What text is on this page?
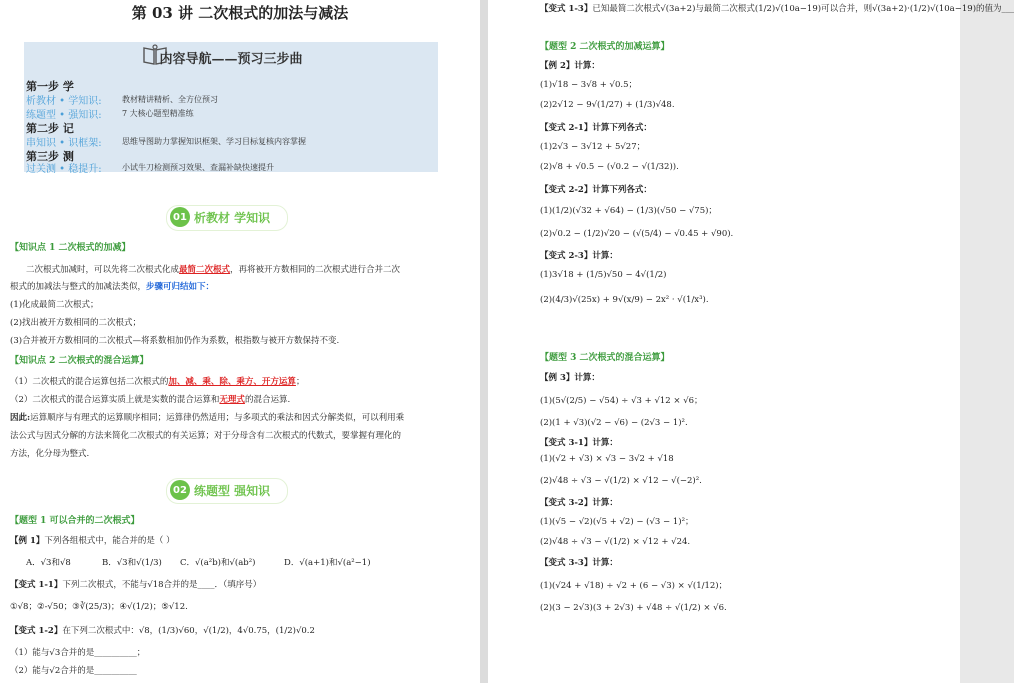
第 03 讲 二次根式的加法与减法
内容导航——预习三步曲
第一步 学
析教材 • 学知识:	教材精讲精析、全方位预习
练题型 • 强知识:	7 大核心题型精准练
第二步 记
串知识 • 识框架:	思维导图助力掌握知识框架、学习目标复核内容掌握
第三步 测
过关测 • 稳提升:	小试牛刀检测预习效果、查漏补缺快速提升
01 析教材 学知识
【知识点 1 二次根式的加减】
二次根式加减时，可以先将二次根式化成最简二次根式，再将被开方数相同的二次根式进行合并二次
根式的加减法与整式的加减法类似，步骤可归结如下：
(1)化成最简二次根式；
(2)找出被开方数相同的二次根式；
(3)合并被开方数相同的二次根式—将系数相加仍作为系数，根指数与被开方数保持不变.
【知识点 2 二次根式的混合运算】
（1）二次根式的混合运算包括二次根式的加、减、乘、除、乘方、开方运算；
（2）二次根式的混合运算实质上就是实数的混合运算和无理式的混合运算.
因此:运算顺序与有理式的运算顺序相同；运算律仍然适用；与多项式的乘法和因式分解类似，可以利用乘
法公式与因式分解的方法来简化二次根式的有关运算；对于分母含有二次根式的代数式，要掌握有理化的
方法，化分母为整式.
02 练题型 强知识
【题型 1 可以合并的二次根式】
【例 1】下列各组根式中，能合并的是（ ）
A．√3和√8	B．√3和√(1/3) C．√(a²b)和√(ab²)	D．√(a+1)和√(a²−1)
【变式 1-1】下列二次根式，不能与√18合并的是____．（填序号）
①√8；②-√50；③∛(25/3)；④√(1/2)；⑤√12.
【变式 1-2】在下列二次根式中：√8，(1/3)√60，√(1/2)，4√0.75，(1/2)√0.2
（1）能与√3合并的是__________；
（2）能与√2合并的是__________
【变式 1-3】已知最简二次根式√(3a+2)与最简二次根式(1/2)√(10a−19)可以合并，则√(3a+2)·(1/2)√(10a−19)的值为___
【题型 2 二次根式的加减运算】
【例 2】计算：
(1)√18 − 3√8 + √0.5；
(2)2√12 − 9√(1/27) + (1/3)√48.
【变式 2-1】计算下列各式：
(1)2√3 − 3√12 + 5√27；
(2)√8 + √0.5 − (√0.2 − √(1/32)).
【变式 2-2】计算下列各式：
(1)(1/2)(√32 + √64) − (1/3)(√50 − √75)；
(2)√0.2 − (1/2)√20 − (√(5/4) − √0.45 + √90).
【变式 2-3】计算：
(1)3√18 + (1/5)√50 − 4√(1/2)
(2)(4/3)√(25x) + 9√(x/9) − 2x² · √(1/x³).
【题型 3 二次根式的混合运算】
【例 3】计算：
(1)(5√(2/5) − √54) ÷ √3 + √12 × √6；
(2)(1 + √3)(√2 − √6) − (2√3 − 1)².
【变式 3-1】计算：
(1)(√2 + √3) × √3 − 3√2 + √18
(2)√48 ÷ √3 − √(1/2) × √12 − √(−2)².
【变式 3-2】计算：
(1)(√5 − √2)(√5 + √2) − (√3 − 1)²；
(2)√48 ÷ √3 − √(1/2) × √12 + √24.
【变式 3-3】计算：
(1)(√24 + √18) ÷ √2 + (6 − √3) × √(1/12)；
(2)(3 − 2√3)(3 + 2√3) + √48 ÷ √(1/2) × √6.
